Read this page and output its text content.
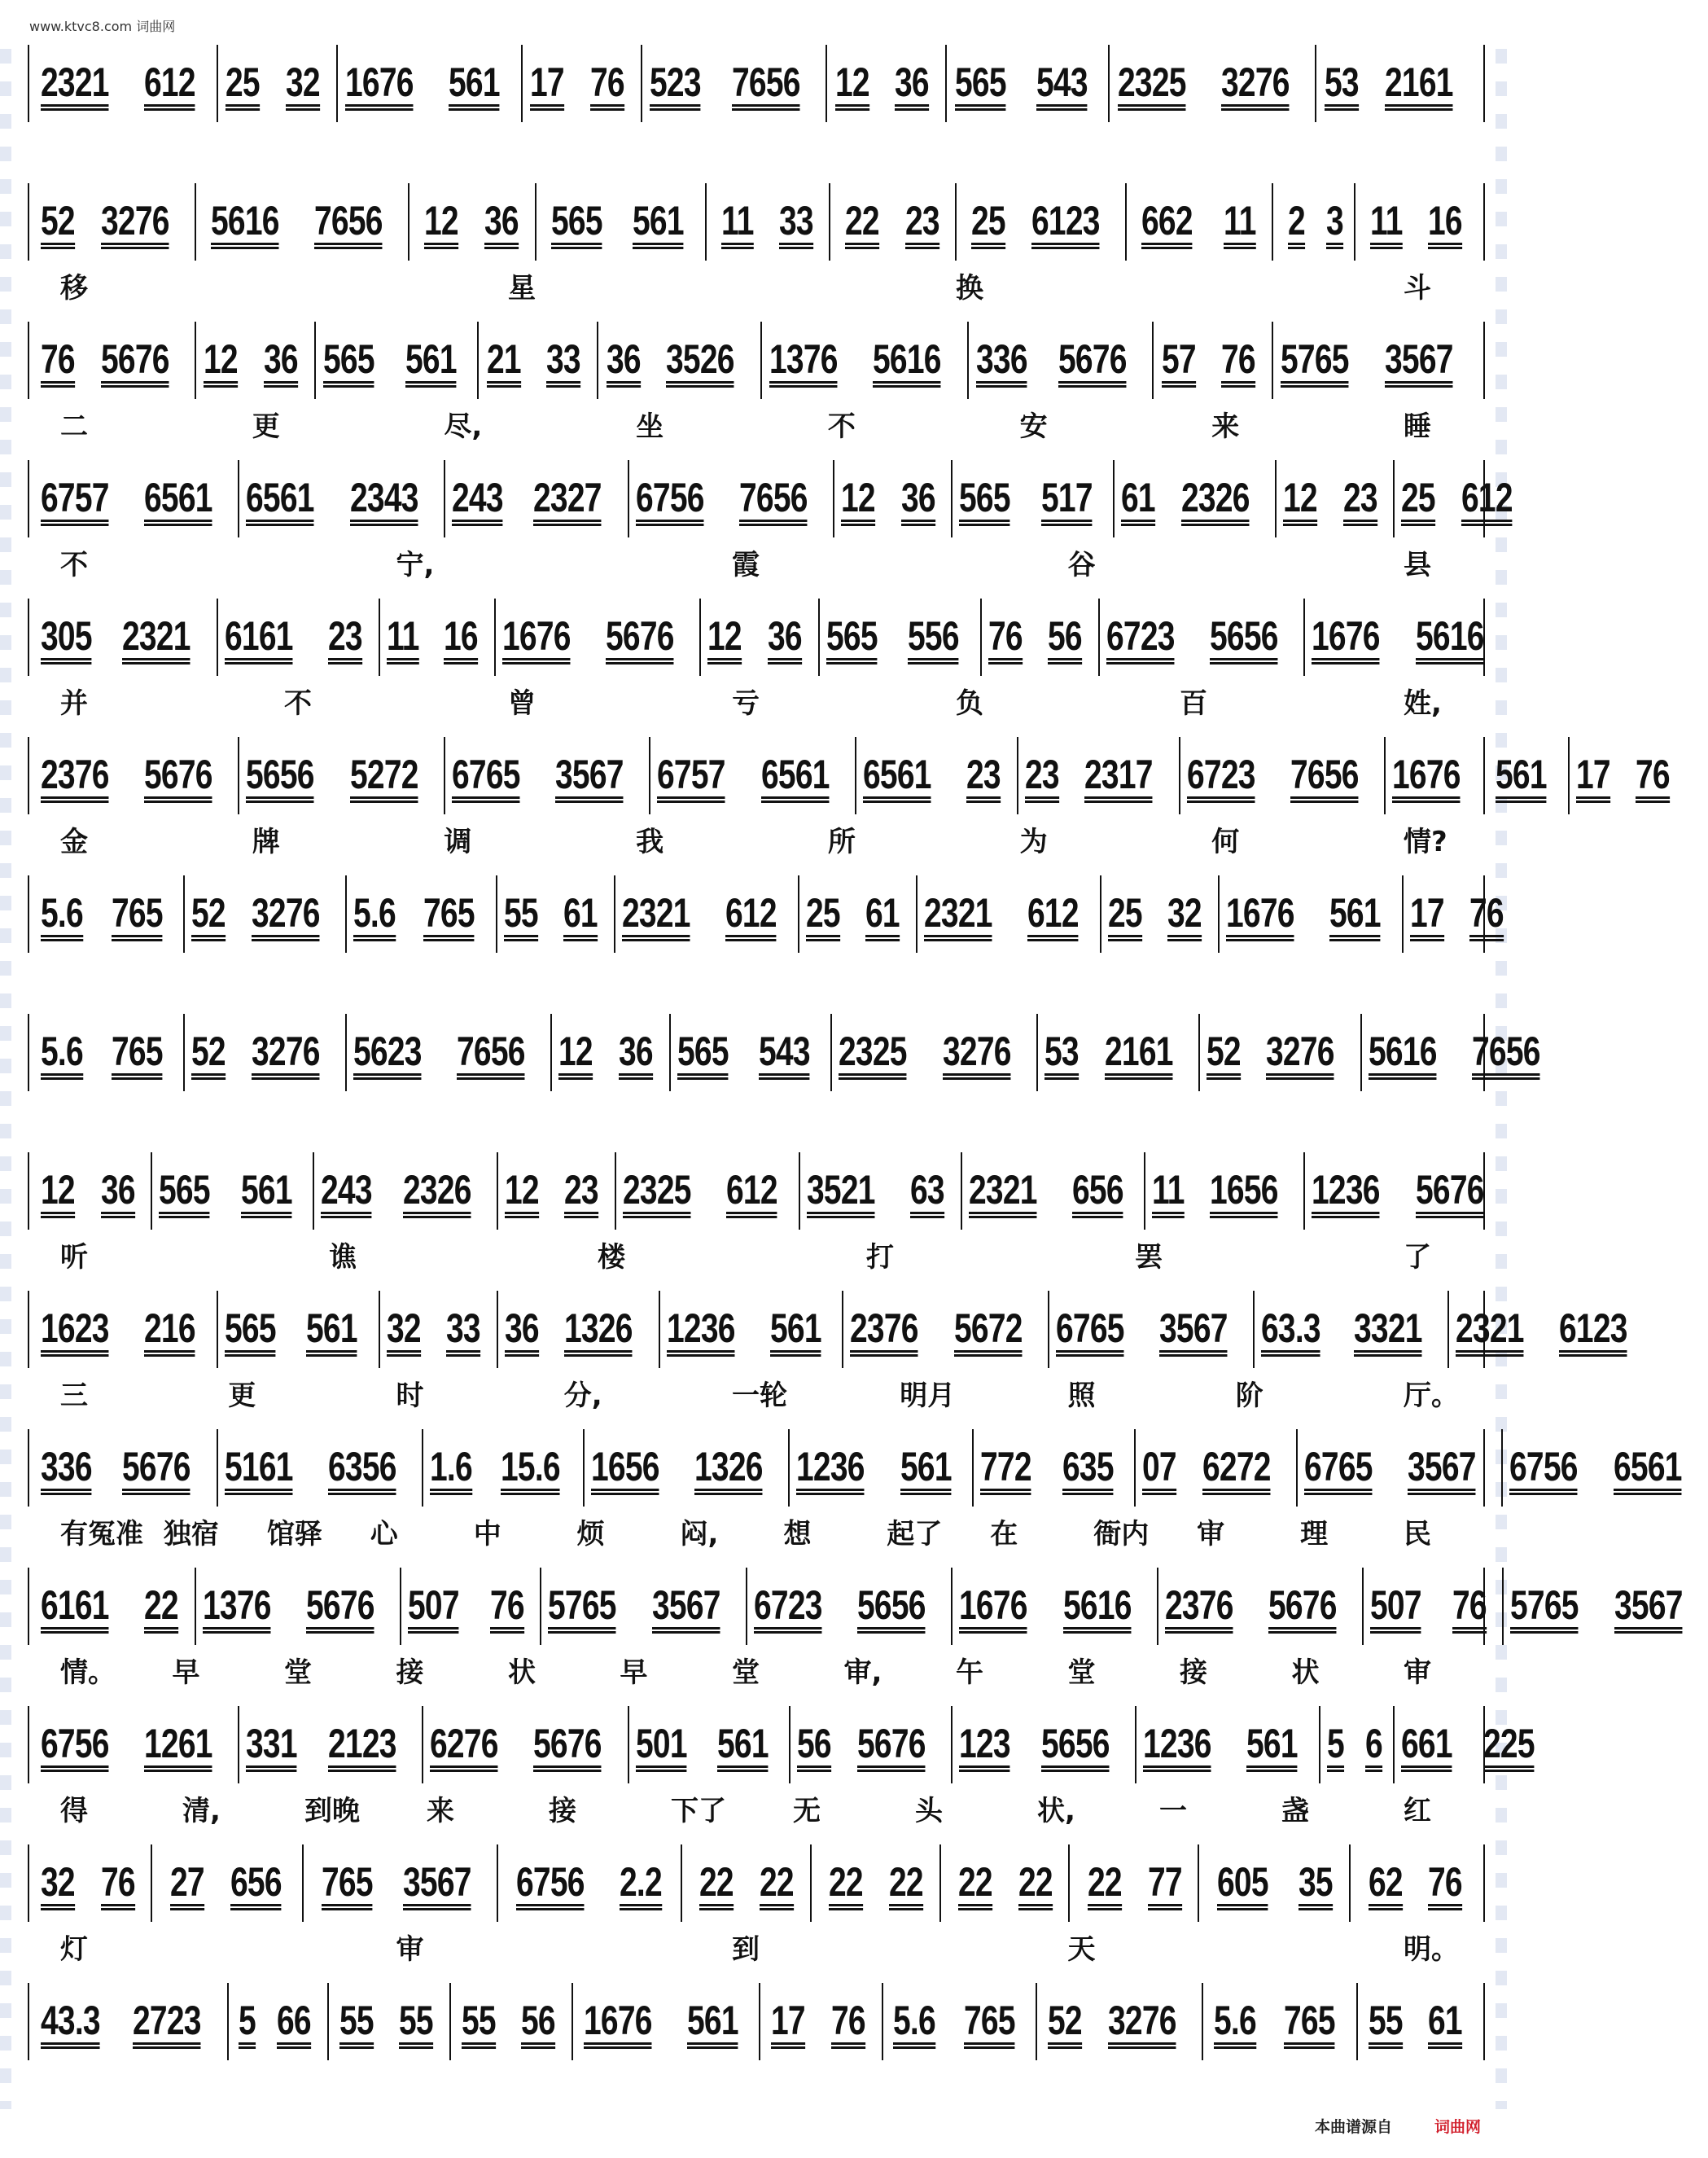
www.ktvc8.com 词曲网
2321 612 25 32 1676 561 17 76 523 7656 12 36 565 543 2325 3276 53 2161
52 3276 5616 7656 12 36 565 561 11 33 22 23 25 6123 662 11 2 3 11 16
移	星	换	斗
76 5676 12 36 565 561 21 33 36 3526 1376 5616 336 5676 57 76 5765 3567
二	更	尽,	坐	不	安	来	睡
6757 6561 6561 2343 243 2327 6756 7656 12 36 565 517 61 2326 12 23 25 612
不	宁,	霞	谷	县
305 2321 6161 23 11 16 1676 5676 12 36 565 556 76 56 6723 5656 1676 5616
并	不	曾	亏	负	百	姓,
2376 5676 5656 5272 6765 3567 6757 6561 6561 23 23 2317 6723 7656 1676 561 17 76
金	牌	调	我	所	为	何	情?
5.6 765 52 3276 5.6 765 55 61 2321 612 25 61 2321 612 25 32 1676 561 17 76
5.6 765 52 3276 5623 7656 12 36 565 543 2325 3276 53 2161 52 3276 5616 7656
12 36 565 561 243 2326 12 23 2325 612 3521 63 2321 656 11 1656 1236 5676
听	谯	楼	打	罢	了
1623 216 565 561 32 33 36 1326 1236 561 2376 5672 6765 3567 63.3 3321 2321 6123
三	更	时	分,	一轮	明月	照	阶	厅。
336 5676 5161 6356 1.6 15.6 1656 1326 1236 561 772 635 07 6272 6765 3567 6756 6561
有冤准 独宿 馆驿 心	中	烦	闷, 想	起了 在	衙内 审	理	民
6161 22 1376 5676 507 76 5765 3567 6723 5656 1676 5616 2376 5676 507 76 5765 3567
情。 早	堂	接	状	早	堂	审,	午	堂	接	状	审
6756 1261 331 2123 6276 5676 501 561 56 5676 123 5656 1236 561 5 6 661 225
得	清,	到晚 来	接	下了 无	头	状,	一	盏	红
32 76 27 656 765 3567 6756 2.2 22 22 22 22 22 22 22 77 605 35 62 76
灯	审	到	天	明。
43.3 2723 5 66 55 55 55 56 1676 561 17 76 5.6 765 52 3276 5.6 765 55 61
本曲谱源自	词曲网
